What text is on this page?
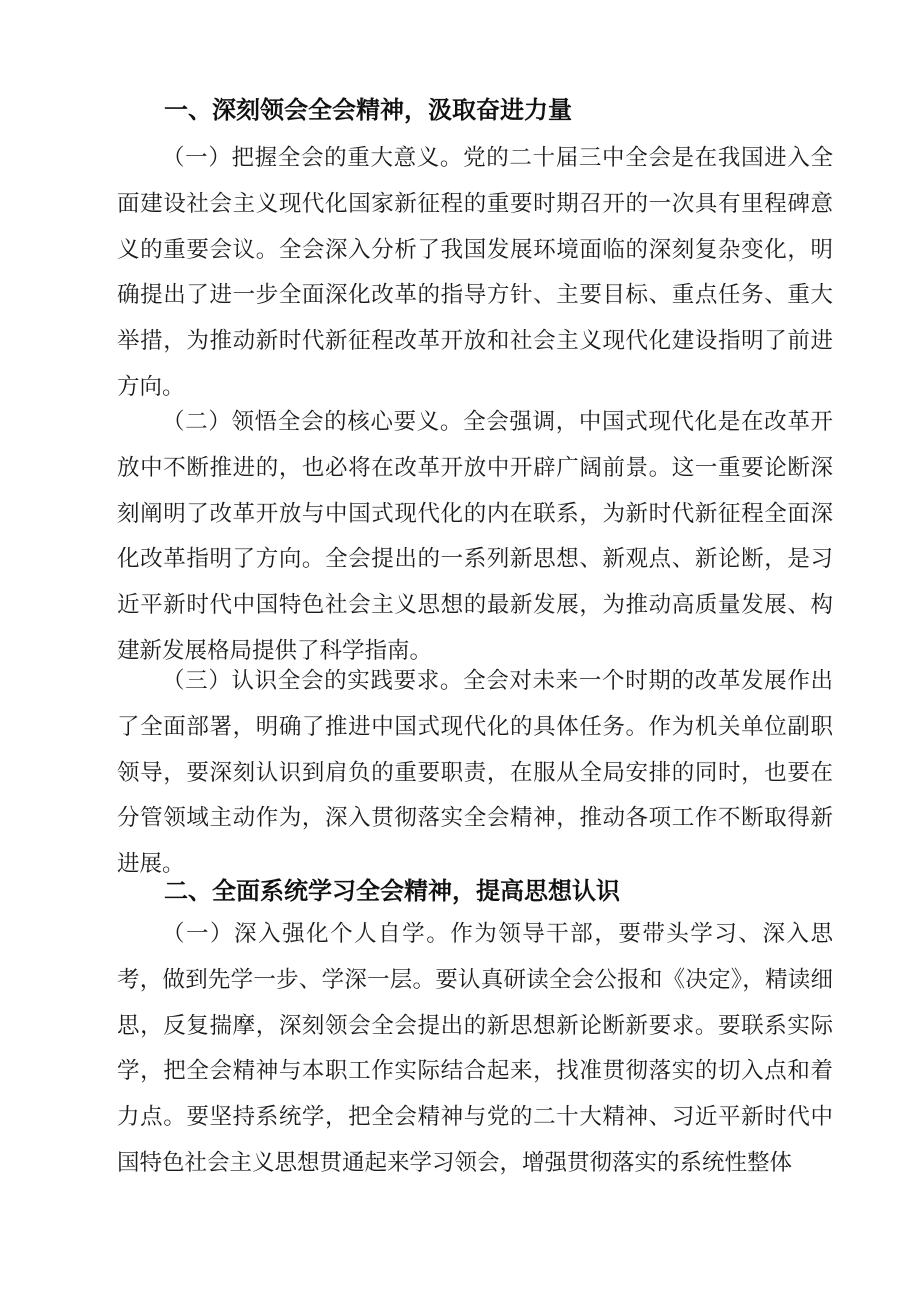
一、深刻领会全会精神，汲取奋进力量

（一）把握全会的重大意义。党的二十届三中全会是在我国进入全面建设社会主义现代化国家新征程的重要时期召开的一次具有里程碑意义的重要会议。全会深入分析了我国发展环境面临的深刻复杂变化，明确提出了进一步全面深化改革的指导方针、主要目标、重点任务、重大举措，为推动新时代新征程改革开放和社会主义现代化建设指明了前进方向。

（二）领悟全会的核心要义。全会强调，中国式现代化是在改革开放中不断推进的，也必将在改革开放中开辟广阔前景。这一重要论断深刻阐明了改革开放与中国式现代化的内在联系，为新时代新征程全面深化改革指明了方向。全会提出的一系列新思想、新观点、新论断，是习近平新时代中国特色社会主义思想的最新发展，为推动高质量发展、构建新发展格局提供了科学指南。

（三）认识全会的实践要求。全会对未来一个时期的改革发展作出了全面部署，明确了推进中国式现代化的具体任务。作为机关单位副职领导，要深刻认识到肩负的重要职责，在服从全局安排的同时，也要在分管领域主动作为，深入贯彻落实全会精神，推动各项工作不断取得新进展。

二、全面系统学习全会精神，提高思想认识

（一）深入强化个人自学。作为领导干部，要带头学习、深入思考，做到先学一步、学深一层。要认真研读全会公报和《决定》，精读细思，反复揣摩，深刻领会全会提出的新思想新论断新要求。要联系实际学，把全会精神与本职工作实际结合起来，找准贯彻落实的切入点和着力点。要坚持系统学，把全会精神与党的二十大精神、习近平新时代中国特色社会主义思想贯通起来学习领会，增强贯彻落实的系统性整体
